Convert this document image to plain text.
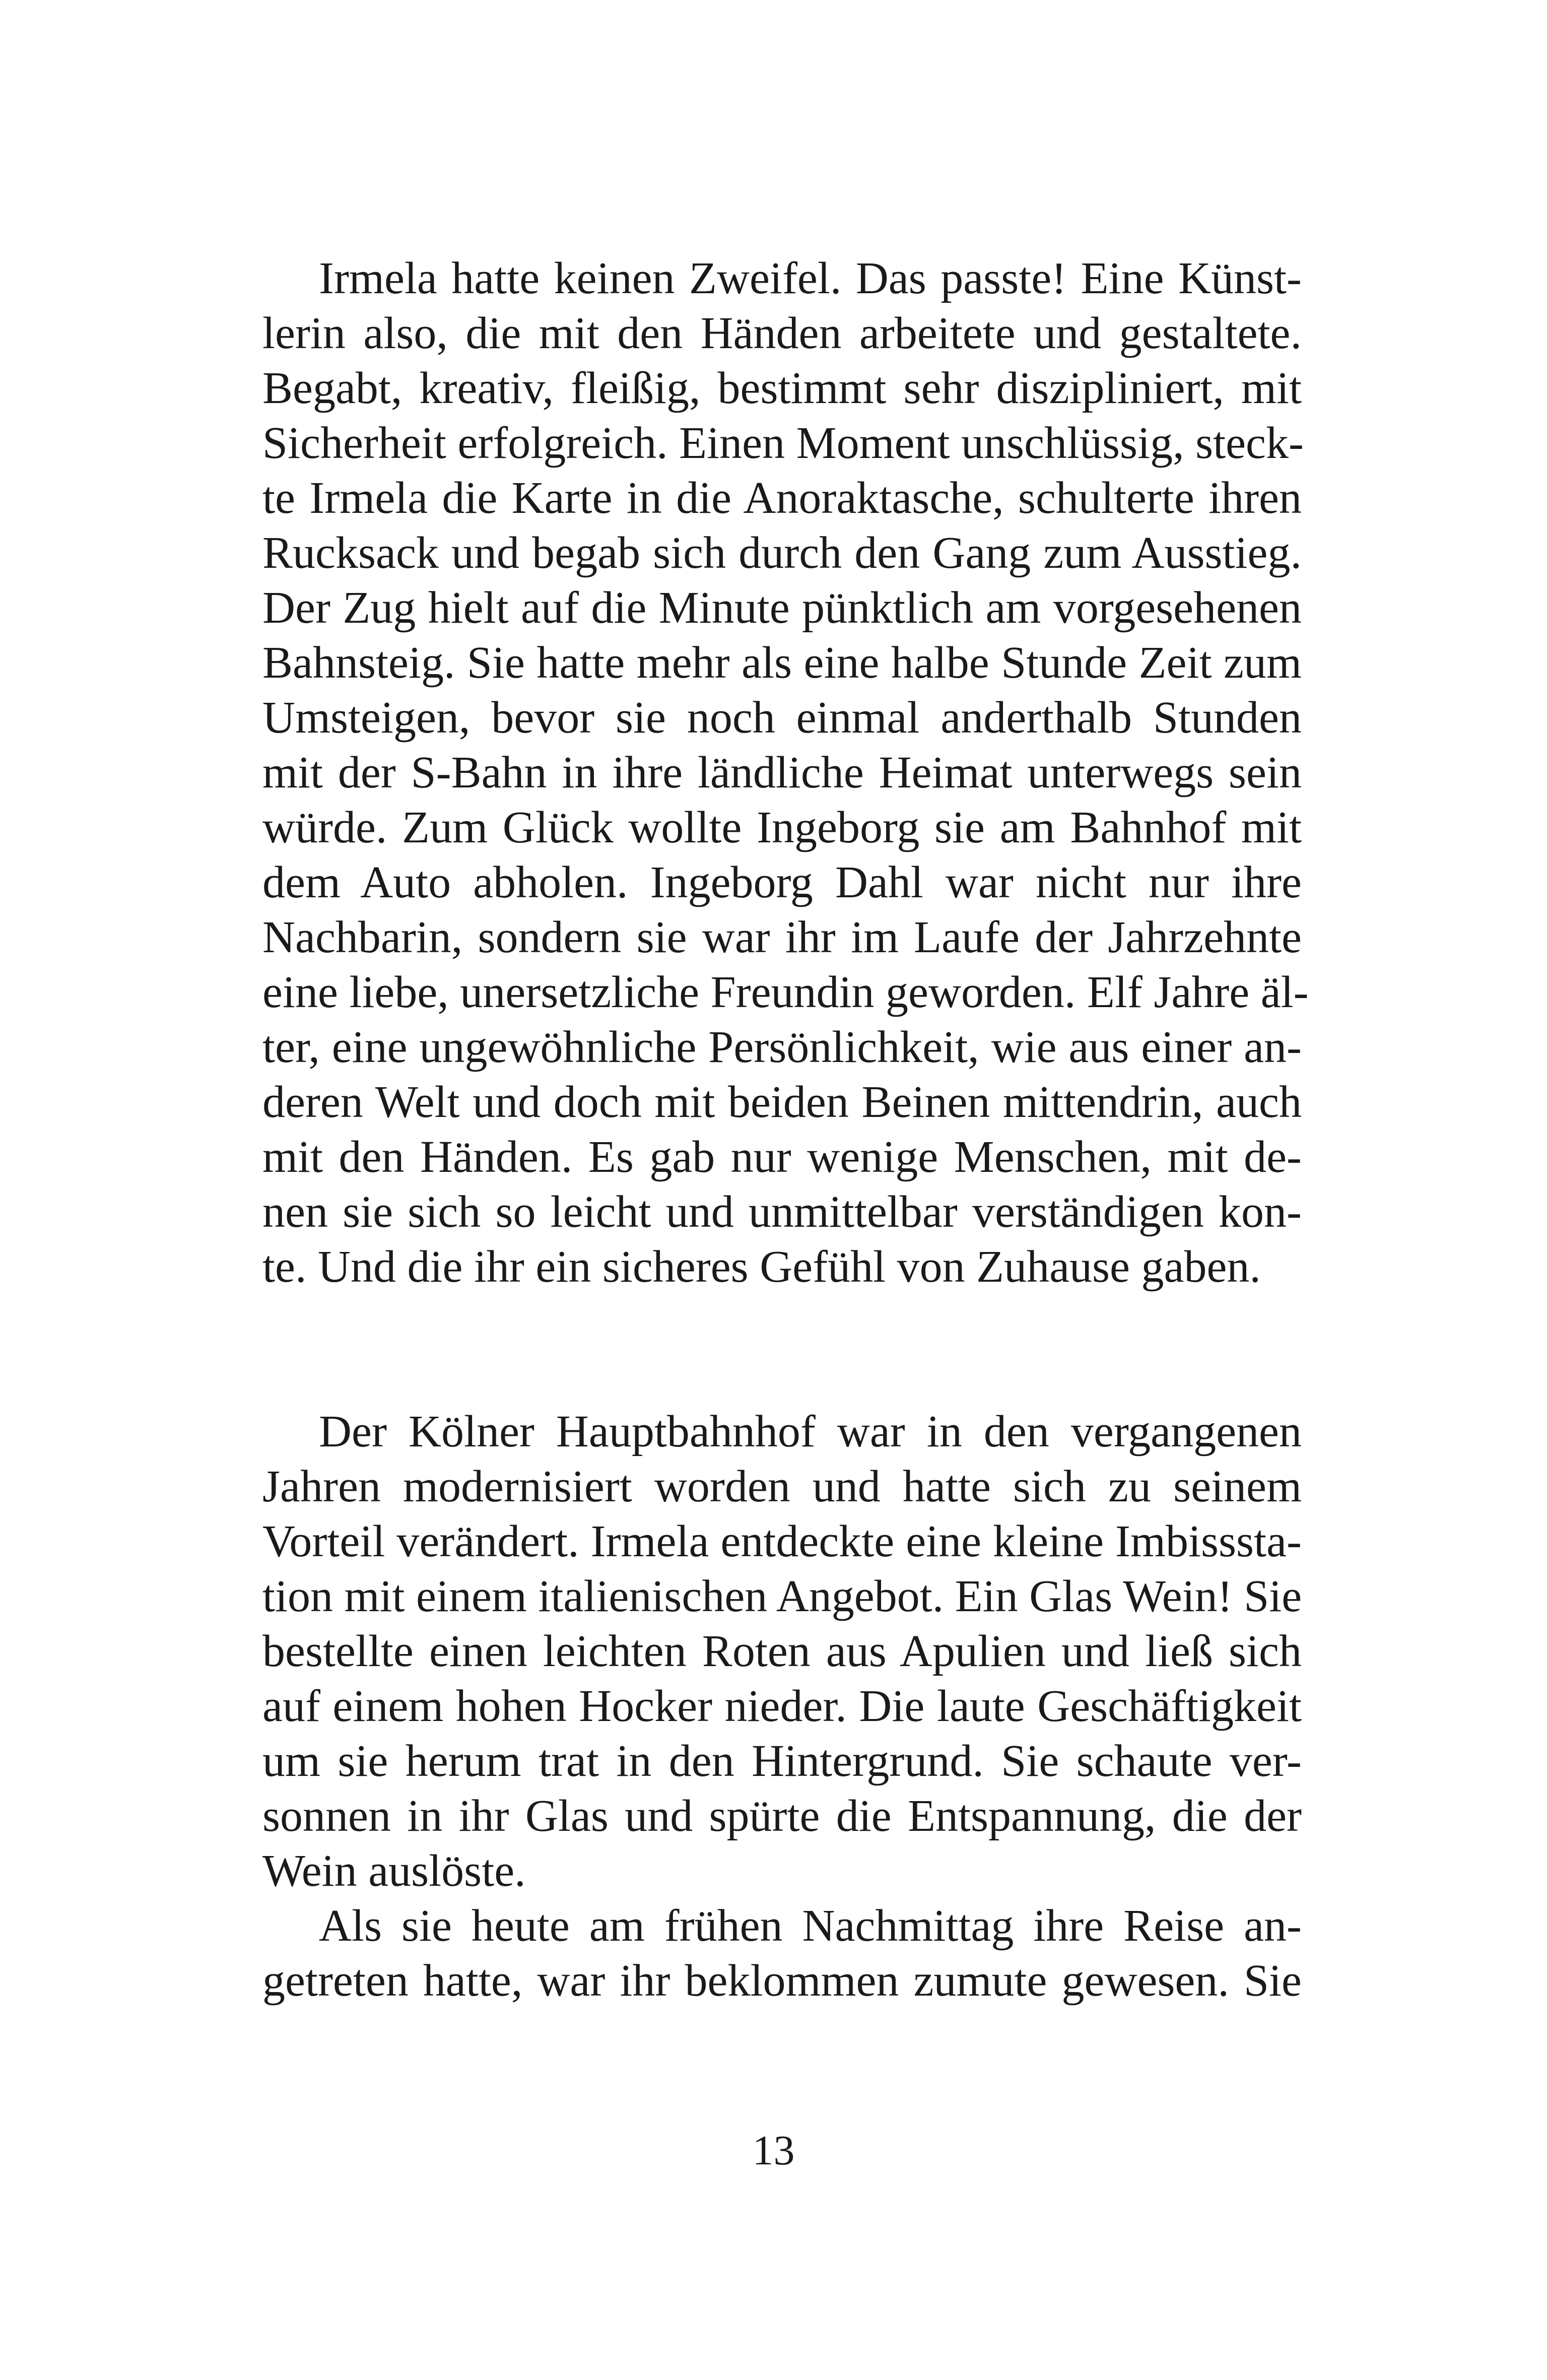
Irmela hatte keinen Zweifel. Das passte! Eine Künst-
lerin also, die mit den Händen arbeitete und gestaltete.
Begabt, kreativ, fleißig, bestimmt sehr diszipliniert, mit
Sicherheit erfolgreich. Einen Moment unschlüssig, steck-
te Irmela die Karte in die Anoraktasche, schulterte ihren
Rucksack und begab sich durch den Gang zum Ausstieg.
Der Zug hielt auf die Minute pünktlich am vorgesehenen
Bahnsteig. Sie hatte mehr als eine halbe Stunde Zeit zum
Umsteigen, bevor sie noch einmal anderthalb Stunden
mit der S-Bahn in ihre ländliche Heimat unterwegs sein
würde. Zum Glück wollte Ingeborg sie am Bahnhof mit
dem Auto abholen. Ingeborg Dahl war nicht nur ihre
Nachbarin, sondern sie war ihr im Laufe der Jahrzehnte
eine liebe, unersetzliche Freundin geworden. Elf Jahre äl-
ter, eine ungewöhnliche Persönlichkeit, wie aus einer an-
deren Welt und doch mit beiden Beinen mittendrin, auch
mit den Händen. Es gab nur wenige Menschen, mit de-
nen sie sich so leicht und unmittelbar verständigen kon-
te. Und die ihr ein sicheres Gefühl von Zuhause gaben.
Der Kölner Hauptbahnhof war in den vergangenen
Jahren modernisiert worden und hatte sich zu seinem
Vorteil verändert. Irmela entdeckte eine kleine Imbisssta-
tion mit einem italienischen Angebot. Ein Glas Wein! Sie
bestellte einen leichten Roten aus Apulien und ließ sich
auf einem hohen Hocker nieder. Die laute Geschäftigkeit
um sie herum trat in den Hintergrund. Sie schaute ver-
sonnen in ihr Glas und spürte die Entspannung, die der
Wein auslöste.
Als sie heute am frühen Nachmittag ihre Reise an-
getreten hatte, war ihr beklommen zumute gewesen. Sie
13
